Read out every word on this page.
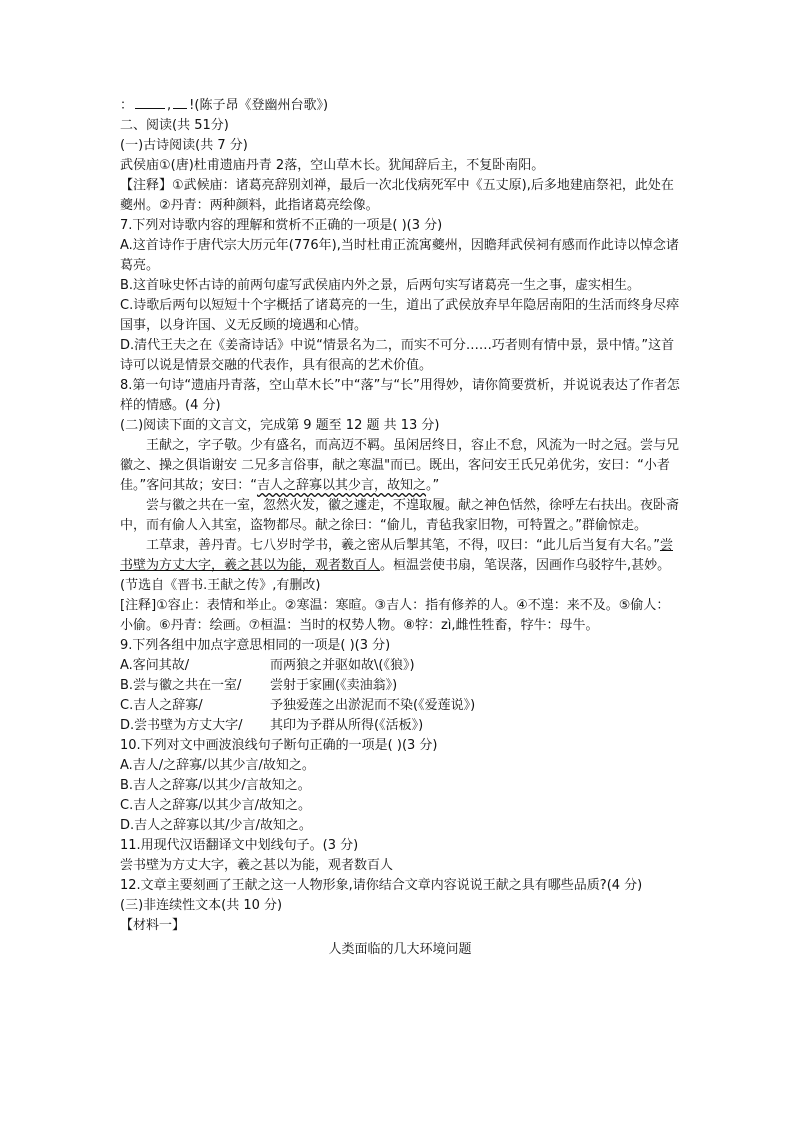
：	, !(陈子昂《登幽州台歌》)

二、阅读(共 51分)

(一)古诗阅读(共 7 分)

武侯庙①(唐)杜甫遗庙丹青 2落，空山草木长。犹闻辞后主，不复卧南阳。

【注释】①武候庙：诸葛亮辞别刘禅，最后一次北伐病死军中《五丈原),后多地建庙祭祀，此处在夔州。②丹青：两种颜料，此指诸葛亮绘像。

7.下列对诗歌内容的理解和赏析不正确的一项是( )(3 分)

A.这首诗作于唐代宗大历元年(776年),当时杜甫正流寓夔州，因瞻拜武侯祠有感而作此诗以悼念诸葛亮。

B.这首咏史怀古诗的前两句虚写武侯庙内外之景，后两句实写诸葛亮一生之事，虚实相生。

C.诗歌后两句以短短十个字概括了诸葛亮的一生，道出了武侯放弃早年隐居南阳的生活而终身尽瘁国事，以身许国、义无反顾的境遇和心情。

D.清代王夫之在《姜斋诗话》中说“情景名为二，而实不可分……巧者则有情中景，景中情。”这首诗可以说是情景交融的代表作，具有很高的艺术价值。

8.第一句诗“遗庙丹青落，空山草木长”中“落”与“长”用得妙，请你简要赏析，并说说表达了作者怎样的情感。(4 分)

(二)阅读下面的文言文，完成第 9 题至 12 题 共 13 分)

王献之，字子敬。少有盛名，而高迈不羁。虽闲居终日，容止不怠，风流为一时之冠。尝与兄徽之、操之俱诣谢安 二兄多言俗事，献之寒温"而已。既出，客问安王氏兄弟优劣，安曰：“小者佳。”客问其故；安曰：“吉人之辞寡以其少言，故知之。”

尝与徽之共在一室，忽然火发，徽之遽走，不遑取履。献之神色恬然，徐呼左右扶出。夜卧斋中，而有偷人入其室，盗物都尽。献之徐曰：“偷儿，青毡我家旧物，可特置之。”群偷惊走。

工草隶，善丹青。七八岁时学书，羲之密从后掣其笔，不得，叹曰：“此儿后当复有大名。”尝书壁为方丈大字，羲之甚以为能，观者数百人。桓温尝使书扇，笔误落，因画作乌驳牸牛,甚妙。(节选自《晋书.王献之传》,有删改)

[注释]①容止：表情和举止。②寒温：寒暄。③吉人：指有修养的人。④不遑：来不及。⑤偷人：小偷。⑥丹青：绘画。⑦桓温：当时的权势人物。⑧牸：zì,雌性牲畜，牸牛：母牛。

9.下列各组中加点字意思相同的一项是( )(3 分)

A.客问其故/	而两狼之并驱如故\(《狼》)

B.尝与徽之共在一室/ 尝射于家圃(《卖油翁》)

C.吉人之辞寡/	予独爱莲之出淤泥而不染(《爱莲说》)

D.尝书壁为方丈大字/ 其印为予群从所得(《活板》)

10.下列对文中画波浪线句子断句正确的一项是( )(3 分)

A.吉人/之辞寡/以其少言/故知之。

B.吉人之辞寡/以其少/言故知之。

C.吉人之辞寡/以其少言/故知之。

D.吉人之辞寡以其/少言/故知之。

11.用现代汉语翻译文中划线句子。(3 分)

尝书壁为方丈大字，羲之甚以为能，观者数百人

12.文章主要刻画了王献之这一人物形象,请你结合文章内容说说王献之具有哪些品质?(4 分)

(三)非连续性文本(共 10 分)

【材料一】

人类面临的几大环境问题
